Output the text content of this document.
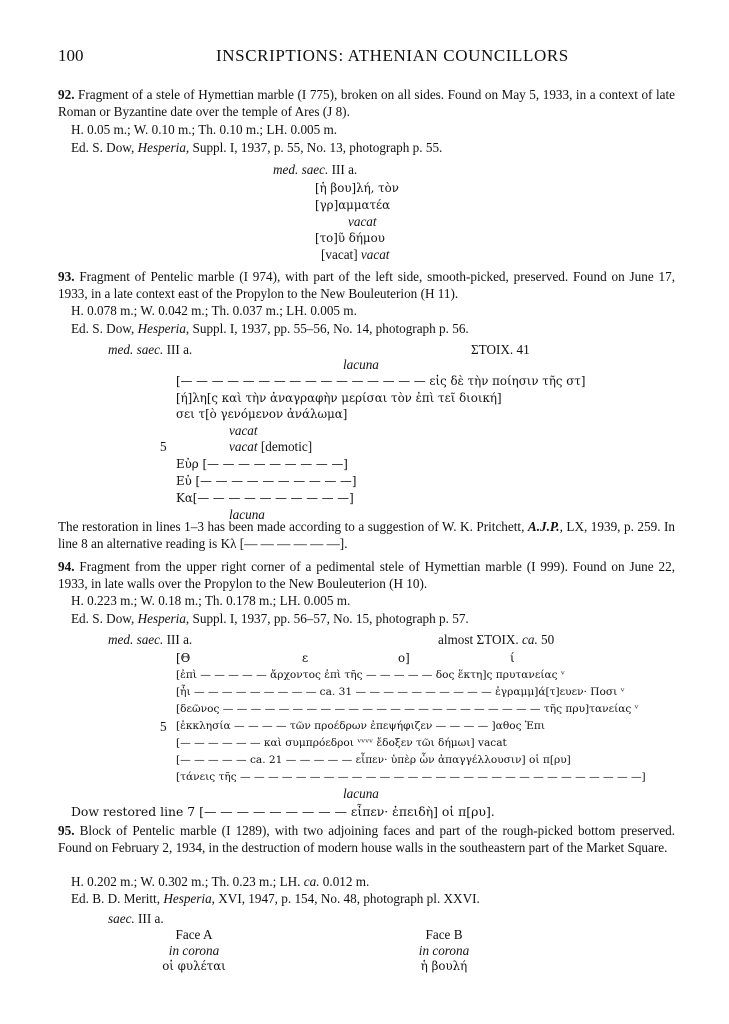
100	INSCRIPTIONS: ATHENIAN COUNCILLORS
92. Fragment of a stele of Hymettian marble (I 775), broken on all sides. Found on May 5, 1933, in a context of late Roman or Byzantine date over the temple of Ares (J 8).
H. 0.05 m.; W. 0.10 m.; Th. 0.10 m.; LH. 0.005 m.
Ed. S. Dow, Hesperia, Suppl. I, 1937, p. 55, No. 13, photograph p. 55.
med. saec. III a.
[ἡ βου]λή, τὸν
[γρ]αμματέα
vacat
[το]ῦ δήμου
[vacat] vacat
93. Fragment of Pentelic marble (I 974), with part of the left side, smooth-picked, preserved. Found on June 17, 1933, in a late context east of the Propylon to the New Bouleuterion (H 11).
H. 0.078 m.; W. 0.042 m.; Th. 0.037 m.; LH. 0.005 m.
Ed. S. Dow, Hesperia, Suppl. I, 1937, pp. 55–56, No. 14, photograph p. 56.
med. saec. III a.	ΣΤΟΙΧ. 41
lacuna
[— — — — — — — — — — — — — — — — εἰς δὲ τὴν ποίησιν τῆς στ]
[ή]λη[ς καὶ τὴν ἀναγραφὴν μερίσαι τὸν ἐπὶ τεῖ διοική]
σει τ[ὸ γενόμενον ἀνάλωμα]
vacat
5	vacat [demotic]
Εὐρ [— — — — — — — — —]
Εὐ [— — — — — — — — — —]
Κα[— — — — — — — — — —]
lacuna
The restoration in lines 1–3 has been made according to a suggestion of W. K. Pritchett, A.J.P., LX, 1939, p. 259. In line 8 an alternative reading is Κλ [— — — — — —].
94. Fragment from the upper right corner of a pedimental stele of Hymettian marble (I 999). Found on June 22, 1933, in late walls over the Propylon to the New Bouleuterion (H 10).
H. 0.223 m.; W. 0.18 m.; Th. 0.178 m.; LH. 0.005 m.
Ed. S. Dow, Hesperia, Suppl. I, 1937, pp. 56–57, No. 15, photograph p. 57.
med. saec. III a.	almost ΣΤΟΙΧ. ca. 50
[Θ	ε	ο]	ί
[ἐπὶ — — — — — ἄρχοντος ἐπὶ τῆς — — — — — δος ἕκτη]ς πρυτανείας ᵛ
[ἦι — — — — — — — — — ca. 31 — — — — — — — — — — ἐγραμμ]ά[τ]ευεν· Ποσι ᵛ
[δεῶνος — — — — — — — — — — — — — — — — — — — — — — — τῆς πρυ]τανείας ᵛ
5 [ἐκκλησία — — — — τῶν προέδρων ἐπεψήφιζεν — — — — ]αθος Ἐπι
[— — — — — — καὶ συμπρόεδροι ᵛᵛᵛᵛ ἔδοξεν τῶι δήμωι] vacat
[— — — — — ca. 21 — — — — — εἶπεν· ὑπὲρ ὧν ἀπαγγέλλουσιν] οἱ π[ρυ]
[τάνεις τῆς — — — — — — — — — — — — — — — — — — — — — — — — — — — — —]
lacuna
Dow restored line 7 [— — — — — — — — — εἶπεν· ἐπειδὴ] οἱ π[ρυ].
95. Block of Pentelic marble (I 1289), with two adjoining faces and part of the rough-picked bottom preserved. Found on February 2, 1934, in the destruction of modern house walls in the southeastern part of the Market Square.
H. 0.202 m.; W. 0.302 m.; Th. 0.23 m.; LH. ca. 0.012 m.
Ed. B. D. Meritt, Hesperia, XVI, 1947, p. 154, No. 48, photograph pl. XXVI.
saec. III a.
Face A
in corona
οἱ φυλέται
Face B
in corona
ἡ βουλή
